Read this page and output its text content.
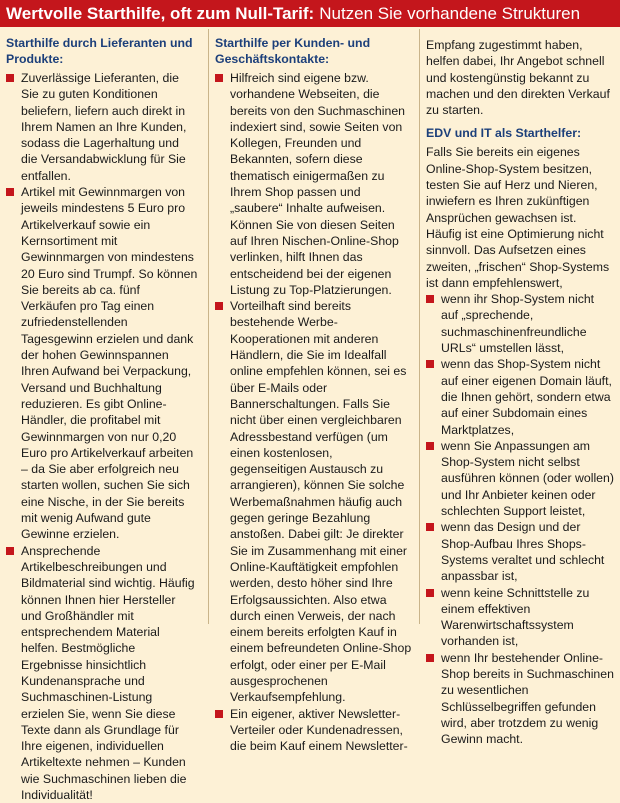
Wertvolle Starthilfe, oft zum Null-Tarif: Nutzen Sie vorhandene Strukturen
Starthilfe durch Lieferanten und Produkte:
Zuverlässige Lieferanten, die Sie zu guten Konditionen beliefern, liefern auch direkt in Ihrem Namen an Ihre Kunden, sodass die Lagerhaltung und die Versandabwicklung für Sie entfallen.
Artikel mit Gewinnmargen von jeweils mindestens 5 Euro pro Artikelverkauf sowie ein Kernsortiment mit Gewinnmargen von mindestens 20 Euro sind Trumpf. So können Sie bereits ab ca. fünf Verkäufen pro Tag einen zufriedenstellenden Tagesgewinn erzielen und dank der hohen Gewinnspannen Ihren Aufwand bei Verpackung, Versand und Buchhaltung reduzieren. Es gibt Online-Händler, die profitabel mit Gewinnmargen von nur 0,20 Euro pro Artikelverkauf arbeiten – da Sie aber erfolgreich neu starten wollen, suchen Sie sich eine Nische, in der Sie bereits mit wenig Aufwand gute Gewinne erzielen.
Ansprechende Artikelbeschreibungen und Bildmaterial sind wichtig. Häufig können Ihnen hier Hersteller und Großhändler mit entsprechendem Material helfen. Bestmögliche Ergebnisse hinsichtlich Kundenansprache und Suchmaschinen-Listung erzielen Sie, wenn Sie diese Texte dann als Grundlage für Ihre eigenen, individuellen Artikeltexte nehmen – Kunden wie Suchmaschinen lieben die Individualität!
Starthilfe per Kunden- und Geschäftskontakte:
Hilfreich sind eigene bzw. vorhandene Webseiten, die bereits von den Suchmaschinen indexiert sind, sowie Seiten von Kollegen, Freunden und Bekannten, sofern diese thematisch einigermaßen zu Ihrem Shop passen und „saubere“ Inhalte aufweisen. Können Sie von diesen Seiten auf Ihren Nischen-Online-Shop verlinken, hilft Ihnen das entscheidend bei der eigenen Listung zu Top-Platzierungen.
Vorteilhaft sind bereits bestehende Werbe-Kooperationen mit anderen Händlern, die Sie im Idealfall online empfehlen können, sei es über E-Mails oder Bannerschaltungen. Falls Sie nicht über einen vergleichbaren Adressbestand verfügen (um einen kostenlosen, gegenseitigen Austausch zu arrangieren), können Sie solche Werbemaßnahmen häufig auch gegen geringe Bezahlung anstoßen. Dabei gilt: Je direkter Sie im Zusammenhang mit einer Online-Kauftätigkeit empfohlen werden, desto höher sind Ihre Erfolgsaussichten. Also etwa durch einen Verweis, der nach einem bereits erfolgten Kauf in einem befreundeten Online-Shop erfolgt, oder einer per E-Mail ausgesprochenen Verkaufsempfehlung.
Ein eigener, aktiver Newsletter-Verteiler oder Kundenadressen, die beim Kauf einem Newsletter-

Empfang zugestimmt haben, helfen dabei, Ihr Angebot schnell und kostengünstig bekannt zu machen und den direkten Verkauf zu starten.

EDV und IT als Starthelfer:

Falls Sie bereits ein eigenes Online-Shop-System besitzen, testen Sie auf Herz und Nieren, inwiefern es Ihren zukünftigen Ansprüchen gewachsen ist. Häufig ist eine Optimierung nicht sinnvoll. Das Aufsetzen eines zweiten, „frischen“ Shop-Systems ist dann empfehlenswert,

wenn ihr Shop-System nicht auf „sprechende, suchmaschinenfreundliche URLs“ umstellen lässt,
wenn das Shop-System nicht auf einer eigenen Domain läuft, die Ihnen gehört, sondern etwa auf einer Subdomain eines Marktplatzes,
wenn Sie Anpassungen am Shop-System nicht selbst ausführen können (oder wollen) und Ihr Anbieter keinen oder schlechten Support leistet,
wenn das Design und der Shop-Aufbau Ihres Shops-Systems veraltet und schlecht anpassbar ist,
wenn keine Schnittstelle zu einem effektiven Warenwirtschaftssystem vorhanden ist,
wenn Ihr bestehender Online-Shop bereits in Suchmaschinen zu wesentlichen Schlüsselbegriffen gefunden wird, aber trotzdem zu wenig Gewinn macht.
